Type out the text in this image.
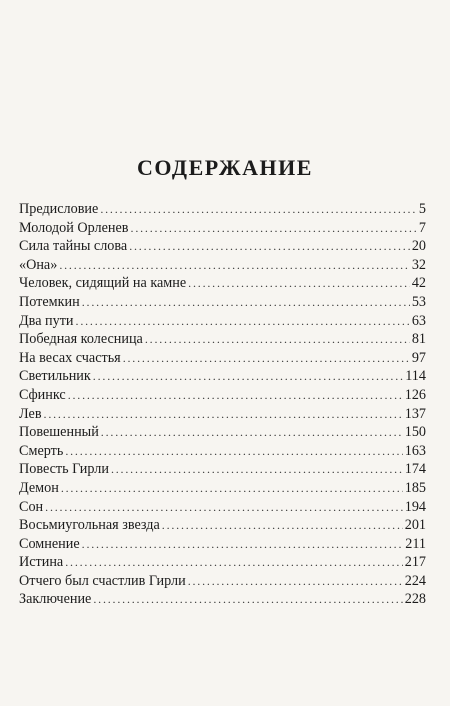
СОДЕРЖАНИЕ
Предисловие .....	5
Молодой Орленев .....	7
Сила тайны слова .....	20
«Она» .....	32
Человек, сидящий на камне .....	42
Потемкин .....	53
Два пути .....	63
Победная колесница .....	81
На весах счастья .....	97
Светильник .....	114
Сфинкс .....	126
Лев .....	137
Повешенный .....	150
Смерть .....	163
Повесть Гирли .....	174
Демон .....	185
Сон .....	194
Восьмиугольная звезда .....	201
Сомнение .....	211
Истина .....	217
Отчего был счастлив Гирли .....	224
Заключение .....	228
